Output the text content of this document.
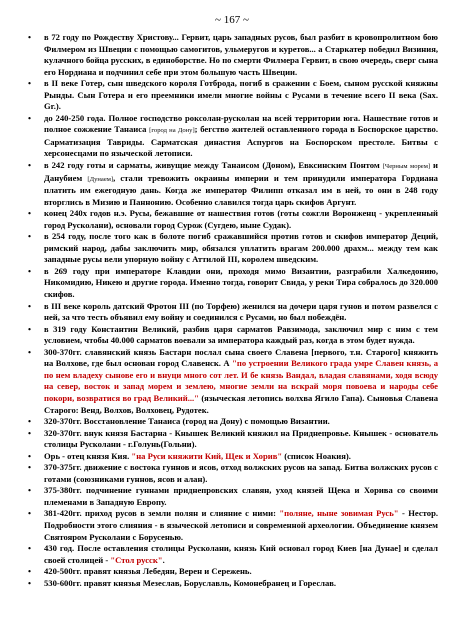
~ 167 ~
• в 72 году по Рождеству Христову... Гервит, царь западных русов, был разбит в кровопролитном бою Филмером из Швеции с помощью самогитов, ульмеругов и куретов... а Старкатер победил Визиния, кулачного бойца русских, в единоборстве. Но по смерти Филмера Гервит, в свою очередь, сверг сына его Нордиана и подчинил себе при этом большую часть Швеции.
• в II веке Готер, сын шведского короля Готброда, погиб в сражении с Боем, сыном русской княжны Рынды. Сын Готера и его преемники имели многие войны с Русами в течение всего II века (Sax. Gr.).
• до 240-250 года. Полное господство роксолан-русколан на всей территории юга. Нашествие готов и полное сожжение Танаиса [город на Дону]; бегство жителей оставленного города в Боспорское царство. Сарматизация Тавриды. Сарматская династия Аспургов на Боспорском престоле. Битвы с херсонесцами по языческой летописи.
• в 242 году готы и сарматы, живущие между Танаисом (Доном), Евксинским Понтом [Черным морем] и Данубием [Дунаем], стали тревожить окраины империи и тем принудили императора Гордиана платить им ежегодную дань. Когда же император Филипп отказал им в ней, то они в 248 году вторглись в Мизию и Паннонию. Особенно славился тогда царь скифов Аргунт.
• конец 240х годов н.э. Русы, бежавшие от нашествия готов (готы сожгли Воронженц - укрепленный город Русколани), основали город Сурож (Сугдею, ныне Судак).
• в 254 году, после того как в болоте погиб сражавшийся против готов и скифов император Деций, римский народ, дабы заключить мир, обязался уплатить врагам 200.000 драхм... между тем как западные русы вели упорную войну с Аттилой III, королем шведским.
• в 269 году при императоре Клавдии они, проходя мимо Византии, разграбили Халкедонию, Никомидию, Никею и другие города. Именно тогда, говорит Свида, у реки Тира собралось до 320.000 скифов.
• в III веке король датский Фротон III (по Торфею) женился на дочери царя гунов и потом развелся с ней, за что тесть объявил ему войну и соединился с Русами, но был побеждён.
• в 319 году Константин Великий, разбив царя сарматов Равзимода, заключил мир с ним с тем условием, чтобы 40.000 сарматов воевали за императора каждый раз, когда в этом будет нужда.
• 300-370гг. славянский князь Бастарн послал сына своего Славена [первого, т.н. Старого] княжить на Волхове, где был основан город Славенск. А "по устроении Великого града умре Славен князь, а по нем владеху сынове его и внуци много сот лет. И бе князь Вандал, владая славянами, ходя всюду на север, восток и запад морем и землею, многие земли на вскрай моря повоева и народы себе покори, возвратися во град Великий..." (языческая летопись волхва Ягило Гапа). Сыновья Славена Старого: Венд, Волхов, Волховец, Рудотек.
• 320-370гг. Восстановление Танаиса (город на Дону) с помощью Византии.
• 320-370гг. внук князя Бастарна - Кнышек Великий княжил на Приднепровье. Кнышек - основатель столицы Русколани - г.Голунь(Гольни).
• Орь - отец князя Кия. "на Руси княжити Кий, Щек и Хорив" (список Ноакия).
• 370-375гг. движение с востока гуннов и ясов, отход волжских русов на запад. Битва волжских русов с готами (союзниками гуннов, ясов и алан).
• 375-380гг. подчинение гуннами приднепровских славян, уход князей Щека и Хорива со своими племенами в Западную Европу.
• 381-420гг. приход русов в земли полян и слияние с ними: "поляне, ныне зовимая Русь" - Нестор. Подробности этого слияния - в языческой летописи и современной археологии. Объединение князем Святояром Русколани с Борусенью.
• 430 год. После оставления столицы Русколани, князь Кий основал город Киев [на Дунае] и сделал своей столицей - "Стол русск".
• 420-500гг. правят князья Лебедян, Верен и Сережень.
• 530-600гг. правят князья Мезеслав, Боруславль, Комонебранец и Гореслав.
